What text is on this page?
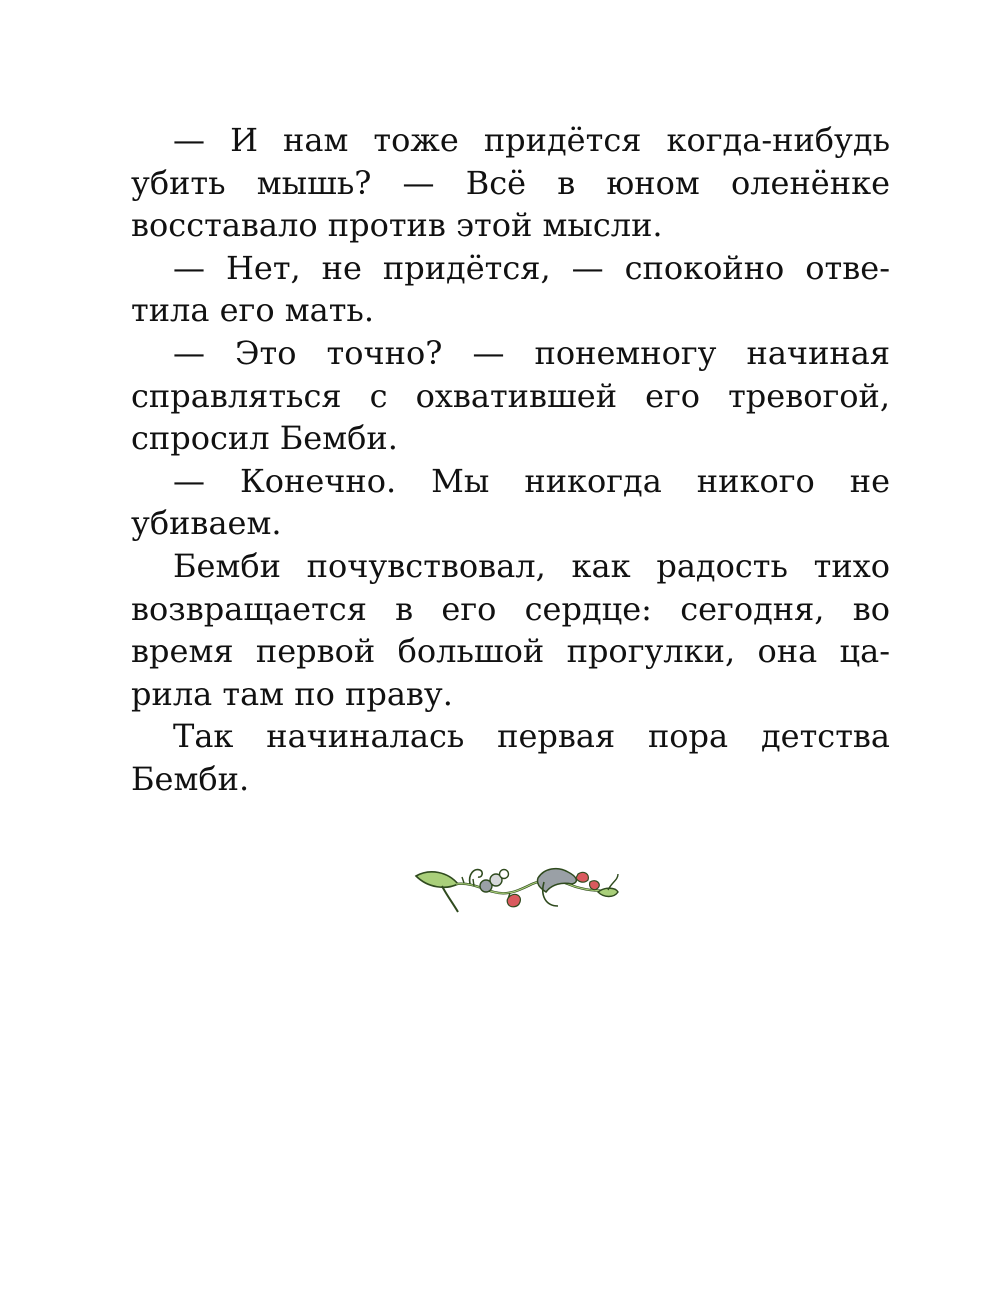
— И нам тоже придётся когда-нибудь
убить мышь? — Всё в юном оленёнке
восставало против этой мысли.
— Нет, не придётся, — спокойно отве-
тила его мать.
— Это точно? — понемногу начиная
справляться с охватившей его тревогой,
спросил Бемби.
— Конечно. Мы никогда никого не
убиваем.
Бемби почувствовал, как радость тихо
возвращается в его сердце: сегодня, во
время первой большой прогулки, она ца-
рила там по праву.
Так начиналась первая пора детства
Бемби.
